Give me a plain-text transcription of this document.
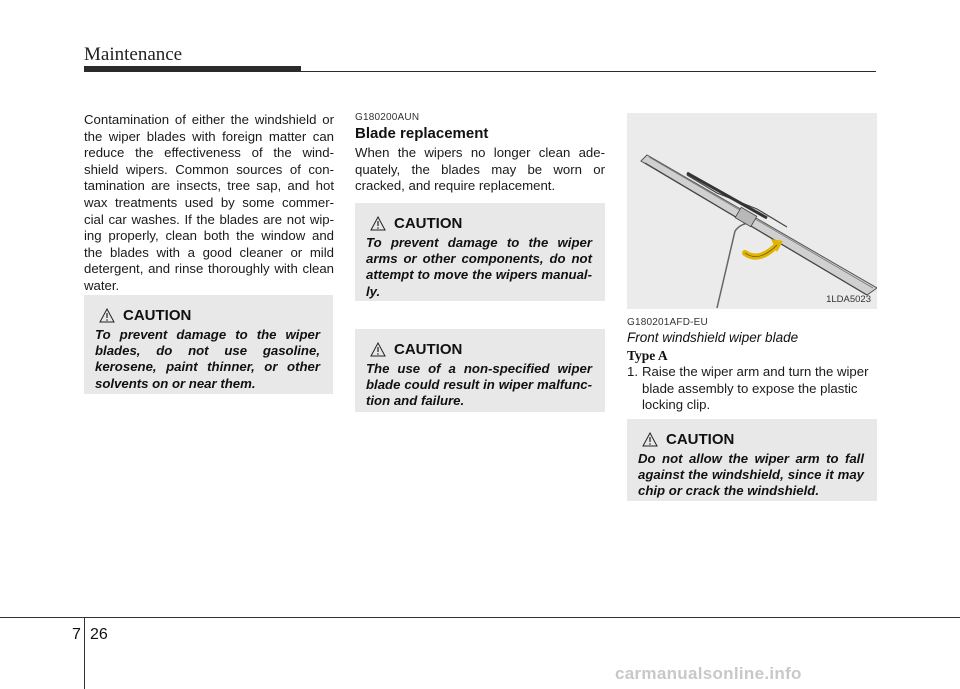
Maintenance
Contamination of either the windshield or the wiper blades with foreign matter can reduce the effectiveness of the wind- shield wipers. Common sources of con- tamination are insects, tree sap, and hot wax treatments used by some commer- cial car washes. If the blades are not wip- ing properly, clean both the window and the blades with a good cleaner or mild detergent, and rinse thoroughly with clean water.
CAUTION
To prevent damage to the wiper blades, do not use gasoline, kerosene, paint thinner, or other solvents on or near them.
G180200AUN
Blade replacement
When the wipers no longer clean ade- quately, the blades may be worn or cracked, and require replacement.
CAUTION
To prevent damage to the wiper arms or other components, do not attempt to move the wipers manual- ly.
CAUTION
The use of a non-specified wiper blade could result in wiper malfunc- tion and failure.
1LDA5023
G180201AFD-EU
Front windshield wiper blade
Type A
1. Raise the wiper arm and turn the wiper blade assembly to expose the plastic locking clip.
CAUTION
Do not allow the wiper arm to fall against the windshield, since it may chip or crack the windshield.
7 26
carmanualsonline.info
